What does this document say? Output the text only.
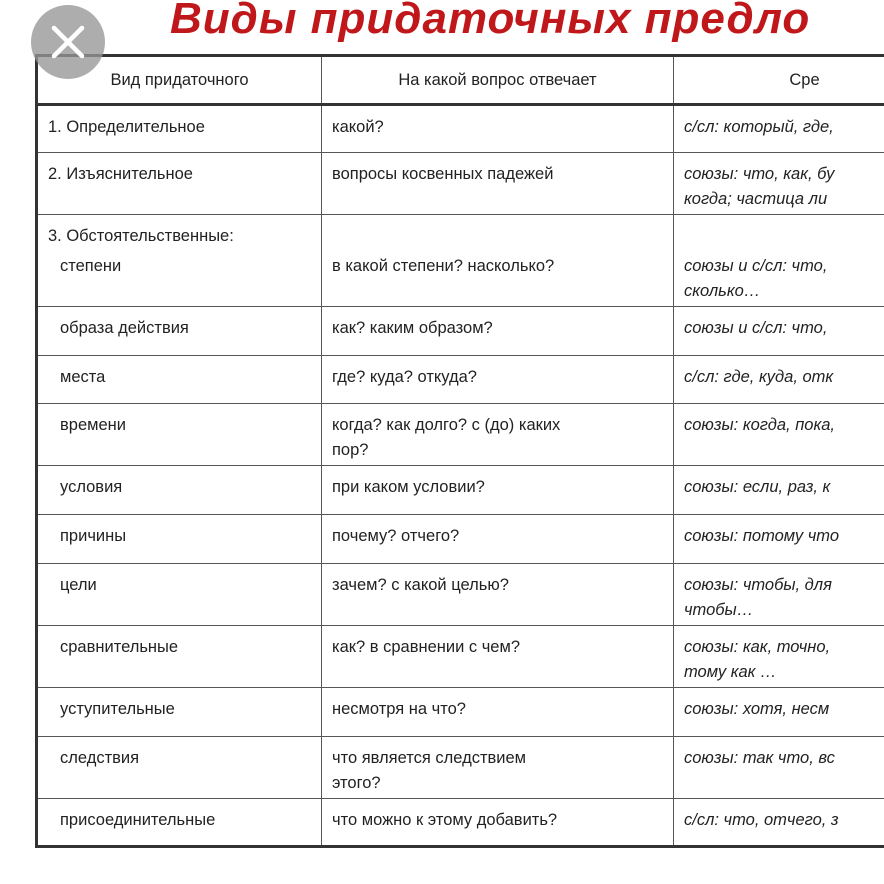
Виды придаточных предло
Вид придаточного	На какой вопрос отвечает	Сре
1. Определительное	какой?	с/сл: который, где,
2. Изъяснительное	вопросы косвенных падежей	союзы: что, как, бу
когда; частица ли

3. Обстоятельственные:
степени	в какой степени? насколько?	союзы и с/сл: что,
сколько…

образа действия	как? каким образом?	союзы и с/сл: что,
места	где? куда? откуда?	с/сл: где, куда, отк
времени	когда? как долго? с (до) каких
пор?	союзы: когда, пока,
условия	при каком условии?	союзы: если, раз, к
причины	почему? отчего?	союзы: потому что
цели	зачем? с какой целью?	союзы: чтобы, для
чтобы…

сравнительные	как? в сравнении с чем?	союзы: как, точно,
тому как …

уступительные	несмотря на что?	союзы: хотя, несм
следствия	что является следствием
этого?	союзы: так что, вс
присоединительные	что можно к этому добавить?	с/сл: что, отчего, з
